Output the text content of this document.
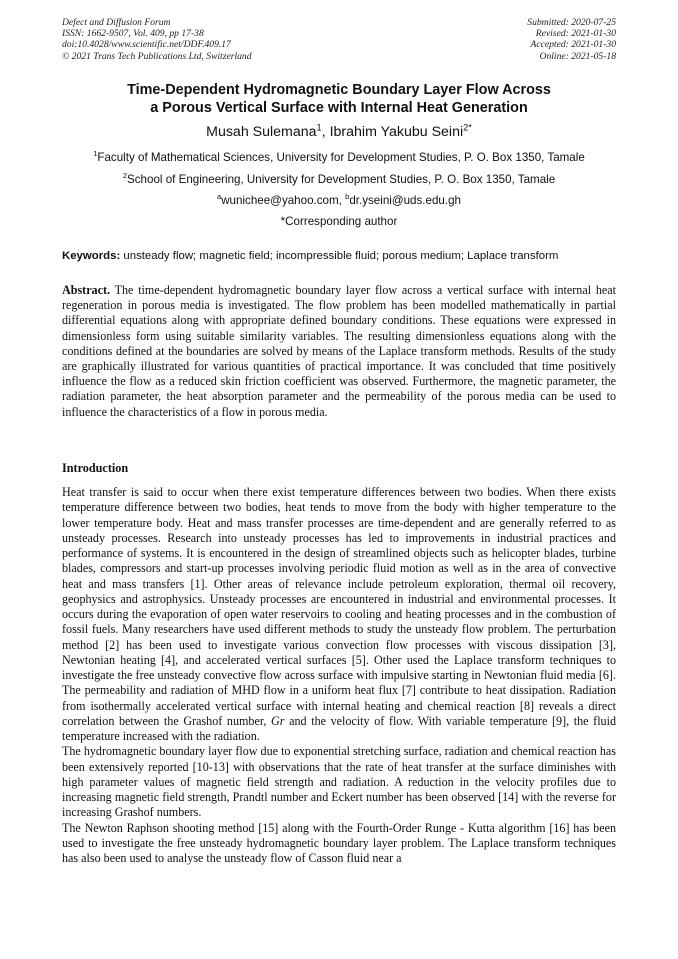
Defect and Diffusion Forum
ISSN: 1662-9507, Vol. 409, pp 17-38
doi:10.4028/www.scientific.net/DDF.409.17
© 2021 Trans Tech Publications Ltd, Switzerland
Submitted: 2020-07-25
Revised: 2021-01-30
Accepted: 2021-01-30
Online: 2021-05-18
Time-Dependent Hydromagnetic Boundary Layer Flow Across
a Porous Vertical Surface with Internal Heat Generation
Musah Sulemana$^1$, Ibrahim Yakubu Seini$^{2*}$
$^1$Faculty of Mathematical Sciences, University for Development Studies, P. O. Box 1350, Tamale
$^2$School of Engineering, University for Development Studies, P. O. Box 1350, Tamale
$^a$wunichee@yahoo.com, $^b$dr.yseini@uds.edu.gh
*Corresponding author
Keywords: unsteady flow; magnetic field; incompressible fluid; porous medium; Laplace transform
Abstract. The time-dependent hydromagnetic boundary layer flow across a vertical surface with internal heat regeneration in porous media is investigated. The flow problem has been modelled mathematically in partial differential equations along with appropriate defined boundary conditions. These equations were expressed in dimensionless form using suitable similarity variables. The resulting dimensionless equations along with the conditions defined at the boundaries are solved by means of the Laplace transform methods. Results of the study are graphically illustrated for various quantities of practical importance. It was concluded that time positively influence the flow as a reduced skin friction coefficient was observed. Furthermore, the magnetic parameter, the radiation parameter, the heat absorption parameter and the permeability of the porous media can be used to influence the characteristics of a flow in porous media.
Introduction

Heat transfer is said to occur when there exist temperature differences between two bodies. When there exists temperature difference between two bodies, heat tends to move from the body with higher temperature to the lower temperature body. Heat and mass transfer processes are time-dependent and are generally referred to as unsteady processes. Research into unsteady processes has led to improvements in industrial practices and performance of systems. It is encountered in the design of streamlined objects such as helicopter blades, turbine blades, compressors and start-up processes involving periodic fluid motion as well as in the area of convective heat and mass transfers [1]. Other areas of relevance include petroleum exploration, thermal oil recovery, geophysics and astrophysics. Unsteady processes are encountered in industrial and environmental processes. It occurs during the evaporation of open water reservoirs to cooling and heating processes and in the combustion of fossil fuels. Many researchers have used different methods to study the unsteady flow problem. The perturbation method [2] has been used to investigate various convection flow processes with viscous dissipation [3], Newtonian heating [4], and accelerated vertical surfaces [5]. Other used the Laplace transform techniques to investigate the free unsteady convective flow across surface with impulsive starting in Newtonian fluid media [6]. The permeability and radiation of MHD flow in a uniform heat flux [7] contribute to heat dissipation. Radiation from isothermally accelerated vertical surface with internal heating and chemical reaction [8] reveals a direct correlation between the Grashof number, Gr and the velocity of flow. With variable temperature [9], the fluid temperature increased with the radiation.

The hydromagnetic boundary layer flow due to exponential stretching surface, radiation and chemical reaction has been extensively reported [10-13] with observations that the rate of heat transfer at the surface diminishes with high parameter values of magnetic field strength and radiation. A reduction in the velocity profiles due to increasing magnetic field strength, Prandtl number and Eckert number has been observed [14] with the reverse for increasing Grashof numbers.

The Newton Raphson shooting method [15] along with the Fourth-Order Runge - Kutta algorithm [16] has been used to investigate the free unsteady hydromagnetic boundary layer problem. The Laplace transform techniques has also been used to analyse the unsteady flow of Casson fluid near a
